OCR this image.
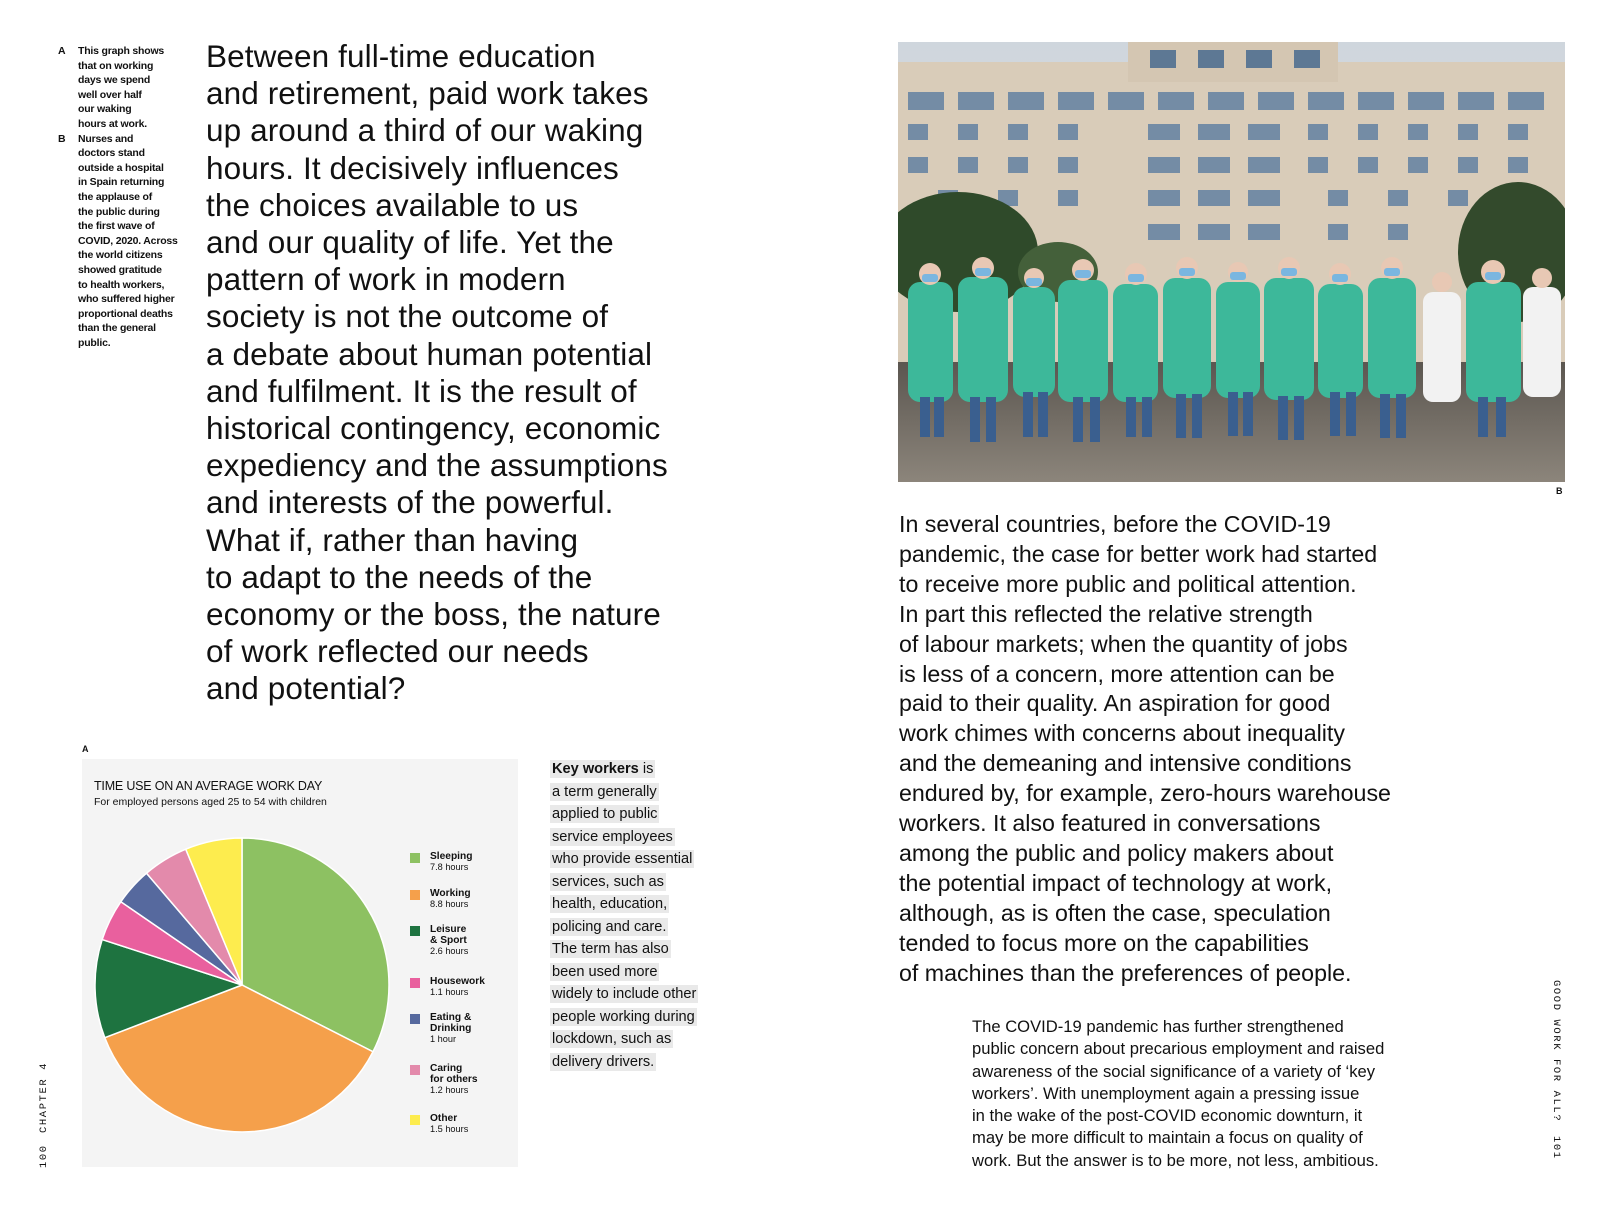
A This graph shows
that on working
days we spend
well over half
our waking
hours at work.
B Nurses and
doctors stand
outside a hospital
in Spain returning
the applause of
the public during
the first wave of
COVID, 2020. Across
the world citizens
showed gratitude
to health workers,
who suffered higher
proportional deaths
than the general
public.
Between full-time education
and retirement, paid work takes
up around a third of our waking
hours. It decisively influences
the choices available to us
and our quality of life. Yet the
pattern of work in modern
society is not the outcome of
a debate about human potential
and fulfilment. It is the result of
historical contingency, economic
expediency and the assumptions
and interests of the powerful.
What if, rather than having
to adapt to the needs of the
economy or the boss, the nature
of work reflected our needs
and potential?
B
In several countries, before the COVID-19
pandemic, the case for better work had started
to receive more public and political attention.
In part this reflected the relative strength
of labour markets; when the quantity of jobs
is less of a concern, more attention can be
paid to their quality. An aspiration for good
work chimes with concerns about inequality
and the demeaning and intensive conditions
endured by, for example, zero-hours warehouse
workers. It also featured in conversations
among the public and policy makers about
the potential impact of technology at work,
although, as is often the case, speculation
tended to focus more on the capabilities
of machines than the preferences of people.
The COVID-19 pandemic has further strengthened
public concern about precarious employment and raised
awareness of the social significance of a variety of ‘key
workers’. With unemployment again a pressing issue
in the wake of the post-COVID economic downturn, it
may be more difficult to maintain a focus on quality of
work. But the answer is to be more, not less, ambitious.
A
TIME USE ON AN AVERAGE WORK DAY
For employed persons aged 25 to 54 with children
Sleeping
7.8 hours
Working
8.8 hours
Leisure
& Sport
2.6 hours
Housework
1.1 hours
Eating &
Drinking
1 hour
Caring
for others
1.2 hours
Other
1.5 hours
Key workers is
a term generally
applied to public
service employees
who provide essential
services, such as
health, education,
policing and care.
The term has also
been used more
widely to include other
people working during
lockdown, such as
delivery drivers.
100
CHAPTER 4	GOOD WORK FOR ALL?
101
